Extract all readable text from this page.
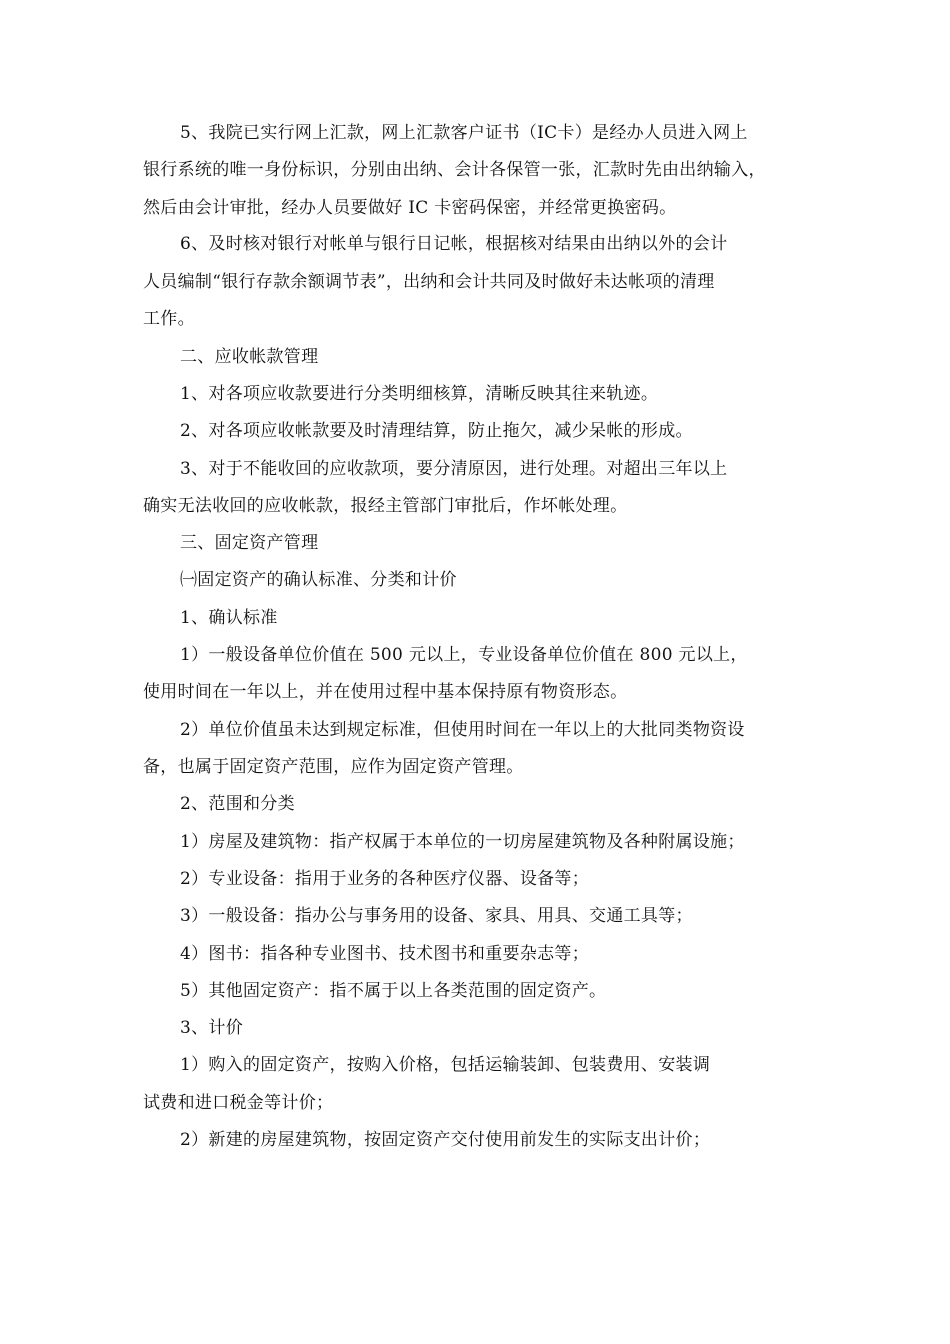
5、我院已实行网上汇款，网上汇款客户证书（IC卡）是经办人员进入网上
银行系统的唯一身份标识，分别由出纳、会计各保管一张，汇款时先由出纳输入，
然后由会计审批，经办人员要做好 IC 卡密码保密，并经常更换密码。
6、及时核对银行对帐单与银行日记帐，根据核对结果由出纳以外的会计
人员编制“银行存款余额调节表”，出纳和会计共同及时做好未达帐项的清理
工作。
二、应收帐款管理
1、对各项应收款要进行分类明细核算，清晰反映其往来轨迹。
2、对各项应收帐款要及时清理结算，防止拖欠，减少呆帐的形成。
3、对于不能收回的应收款项，要分清原因，进行处理。对超出三年以上
确实无法收回的应收帐款，报经主管部门审批后，作坏帐处理。
三、固定资产管理
㈠固定资产的确认标准、分类和计价
1、确认标准
1）一般设备单位价值在 500 元以上，专业设备单位价值在 800 元以上，
使用时间在一年以上，并在使用过程中基本保持原有物资形态。
2）单位价值虽未达到规定标准，但使用时间在一年以上的大批同类物资设
备，也属于固定资产范围，应作为固定资产管理。
2、范围和分类
1）房屋及建筑物：指产权属于本单位的一切房屋建筑物及各种附属设施；
2）专业设备：指用于业务的各种医疗仪器、设备等；
3）一般设备：指办公与事务用的设备、家具、用具、交通工具等；
4）图书：指各种专业图书、技术图书和重要杂志等；
5）其他固定资产：指不属于以上各类范围的固定资产。
3、计价
1）购入的固定资产，按购入价格，包括运输装卸、包装费用、安装调
试费和进口税金等计价；
2）新建的房屋建筑物，按固定资产交付使用前发生的实际支出计价；
